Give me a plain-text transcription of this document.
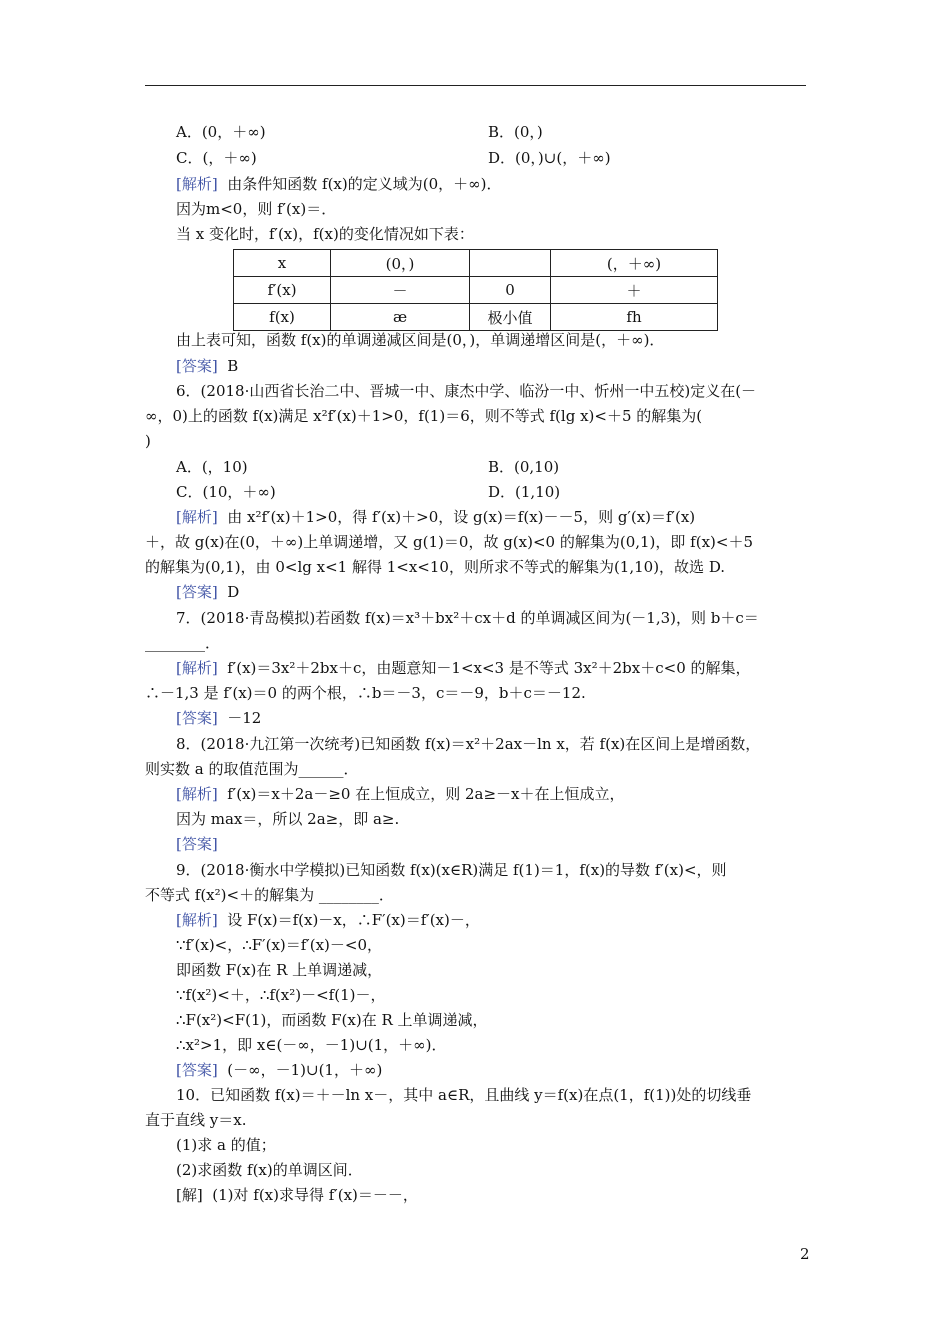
A．(0，＋∞)	B．(0，)
C．(，＋∞)	D．(0，)∪(，＋∞)
[解析]  由条件知函数 f(x)的定义域为(0，＋∞)．
因为m<0，则 f′(x)＝．
当 x 变化时，f′(x)，f(x)的变化情况如下表：
x	(0，)		(，＋∞)
f′(x)	－	0	＋
f(x)	æ	极小值	fh
由上表可知，函数 f(x)的单调递减区间是(0，)，单调递增区间是(，＋∞)．
[答案]  B
6．(2018·山西省长治二中、晋城一中、康杰中学、临汾一中、忻州一中五校)定义在(－
∞，0)上的函数 f(x)满足 x²f′(x)＋1>0，f(1)＝6，则不等式 f(lg x)<＋5 的解集为(
)
A．(，10)	B．(0,10)
C．(10，＋∞)	D．(1,10)
[解析]  由 x²f′(x)＋1>0，得 f′(x)＋>0，设 g(x)＝f(x)－－5，则 g′(x)＝f′(x)
＋，故 g(x)在(0，＋∞)上单调递增，又 g(1)＝0，故 g(x)<0 的解集为(0,1)，即 f(x)<＋5
的解集为(0,1)，由 0<lg x<1 解得 1<x<10，则所求不等式的解集为(1,10)，故选 D.
[答案]  D
7．(2018·青岛模拟)若函数 f(x)＝x³＋bx²＋cx＋d 的单调减区间为(－1,3)，则 b＋c＝
________．
[解析]  f′(x)＝3x²＋2bx＋c，由题意知－1<x<3 是不等式 3x²＋2bx＋c<0 的解集，
∴－1,3 是 f′(x)＝0 的两个根，∴b＝－3，c＝－9，b＋c＝－12.
[答案]  －12
8．(2018·九江第一次统考)已知函数 f(x)＝x²＋2ax－ln x，若 f(x)在区间上是增函数，
则实数 a 的取值范围为______．
[解析]  f′(x)＝x＋2a－≥0 在上恒成立，则 2a≥－x＋在上恒成立，
因为 max＝，所以 2a≥，即 a≥.
[答案]
9．(2018·衡水中学模拟)已知函数 f(x)(x∈R)满足 f(1)＝1，f(x)的导数 f′(x)<，则
不等式 f(x²)<＋的解集为 ________．
[解析]  设 F(x)＝f(x)－x，∴F′(x)＝f′(x)－，
∵f′(x)<，∴F′(x)＝f′(x)－<0，
即函数 F(x)在 R 上单调递减，
∵f(x²)<＋，∴f(x²)－<f(1)－，
∴F(x²)<F(1)，而函数 F(x)在 R 上单调递减，
∴x²>1，即 x∈(－∞，－1)∪(1，＋∞)．
[答案]  (－∞，－1)∪(1，＋∞)
10．已知函数 f(x)＝＋－ln x－，其中 a∈R，且曲线 y＝f(x)在点(1，f(1))处的切线垂
直于直线 y＝x.
(1)求 a 的值；
(2)求函数 f(x)的单调区间．
[解]  (1)对 f(x)求导得 f′(x)＝－－，
2
